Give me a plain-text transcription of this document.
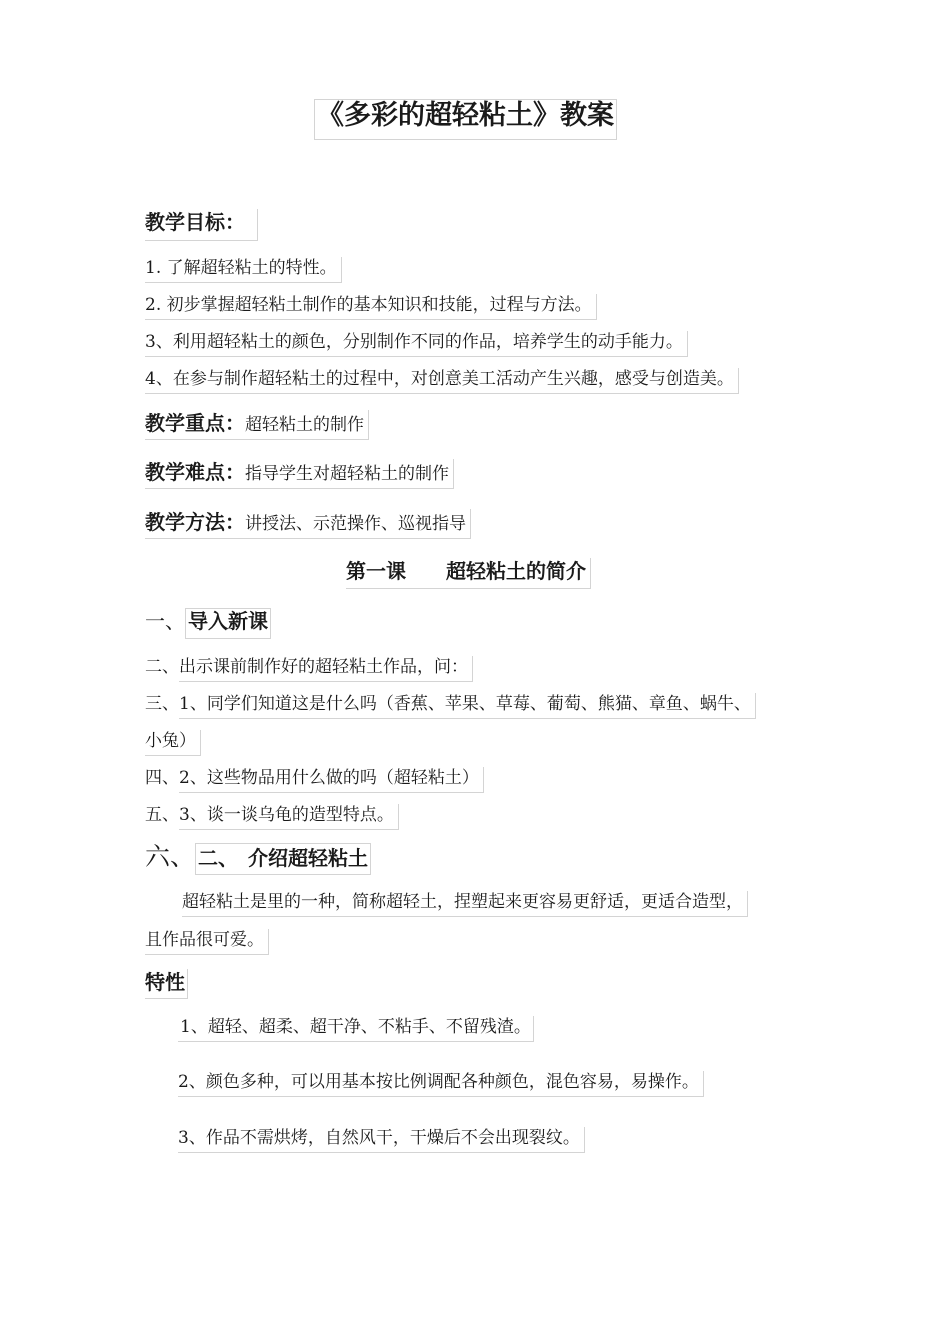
《多彩的超轻粘土》教案
教学目标：
1. 了解超轻粘土的特性。
2. 初步掌握超轻粘土制作的基本知识和技能，过程与方法。
3、利用超轻粘土的颜色，分别制作不同的作品，培养学生的动手能力。
4、在参与制作超轻粘土的过程中，对创意美工活动产生兴趣，感受与创造美。
教学重点：超轻粘土的制作
教学难点：指导学生对超轻粘土的制作
教学方法：讲授法、示范操作、巡视指导
第一课　　超轻粘土的简介
一、 导入新课
二、出示课前制作好的超轻粘土作品，问：
三、1、同学们知道这是什么吗（香蕉、苹果、草莓、葡萄、熊猫、章鱼、蜗牛、
小兔）
四、2、这些物品用什么做的吗（超轻粘土）
五、3、谈一谈乌龟的造型特点。
六、 二、　介绍超轻粘土
超轻粘土是里的一种，简称超轻土，捏塑起来更容易更舒适，更适合造型，
且作品很可爱。
特性
1、超轻、超柔、超干净、不粘手、不留残渣。
2、颜色多种，可以用基本按比例调配各种颜色，混色容易，易操作。
3、作品不需烘烤，自然风干，干燥后不会出现裂纹。
